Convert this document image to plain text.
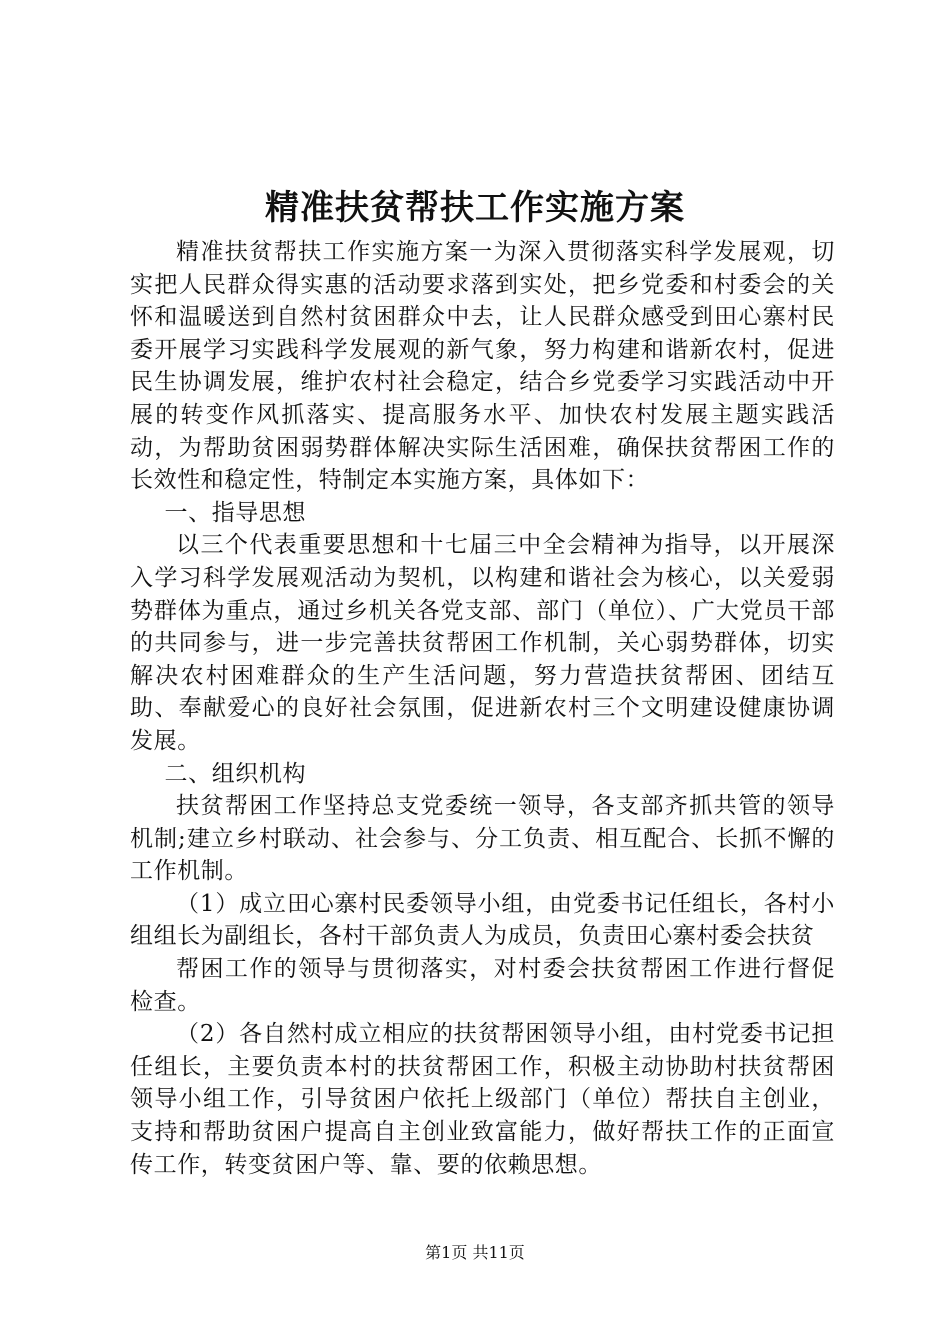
精准扶贫帮扶工作实施方案

精准扶贫帮扶工作实施方案一为深入贯彻落实科学发展观，切实把人民群众得实惠的活动要求落到实处，把乡党委和村委会的关怀和温暖送到自然村贫困群众中去，让人民群众感受到田心寨村民委开展学习实践科学发展观的新气象，努力构建和谐新农村，促进民生协调发展，维护农村社会稳定，结合乡党委学习实践活动中开展的转变作风抓落实、提高服务水平、加快农村发展主题实践活动，为帮助贫困弱势群体解决实际生活困难，确保扶贫帮困工作的长效性和稳定性，特制定本实施方案，具体如下：

一、指导思想

以三个代表重要思想和十七届三中全会精神为指导，以开展深入学习科学发展观活动为契机，以构建和谐社会为核心，以关爱弱势群体为重点，通过乡机关各党支部、部门（单位）、广大党员干部的共同参与，进一步完善扶贫帮困工作机制，关心弱势群体，切实解决农村困难群众的生产生活问题，努力营造扶贫帮困、团结互助、奉献爱心的良好社会氛围，促进新农村三个文明建设健康协调发展。

二、组织机构

扶贫帮困工作坚持总支党委统一领导，各支部齐抓共管的领导机制;建立乡村联动、社会参与、分工负责、相互配合、长抓不懈的工作机制。

（1）成立田心寨村民委领导小组，由党委书记任组长，各村小组组长为副组长，各村干部负责人为成员，负责田心寨村委会扶贫

帮困工作的领导与贯彻落实，对村委会扶贫帮困工作进行督促检查。

（2）各自然村成立相应的扶贫帮困领导小组，由村党委书记担任组长，主要负责本村的扶贫帮困工作，积极主动协助村扶贫帮困领导小组工作，引导贫困户依托上级部门（单位）帮扶自主创业，支持和帮助贫困户提高自主创业致富能力，做好帮扶工作的正面宣传工作，转变贫困户等、靠、要的依赖思想。

第1页 共11页
